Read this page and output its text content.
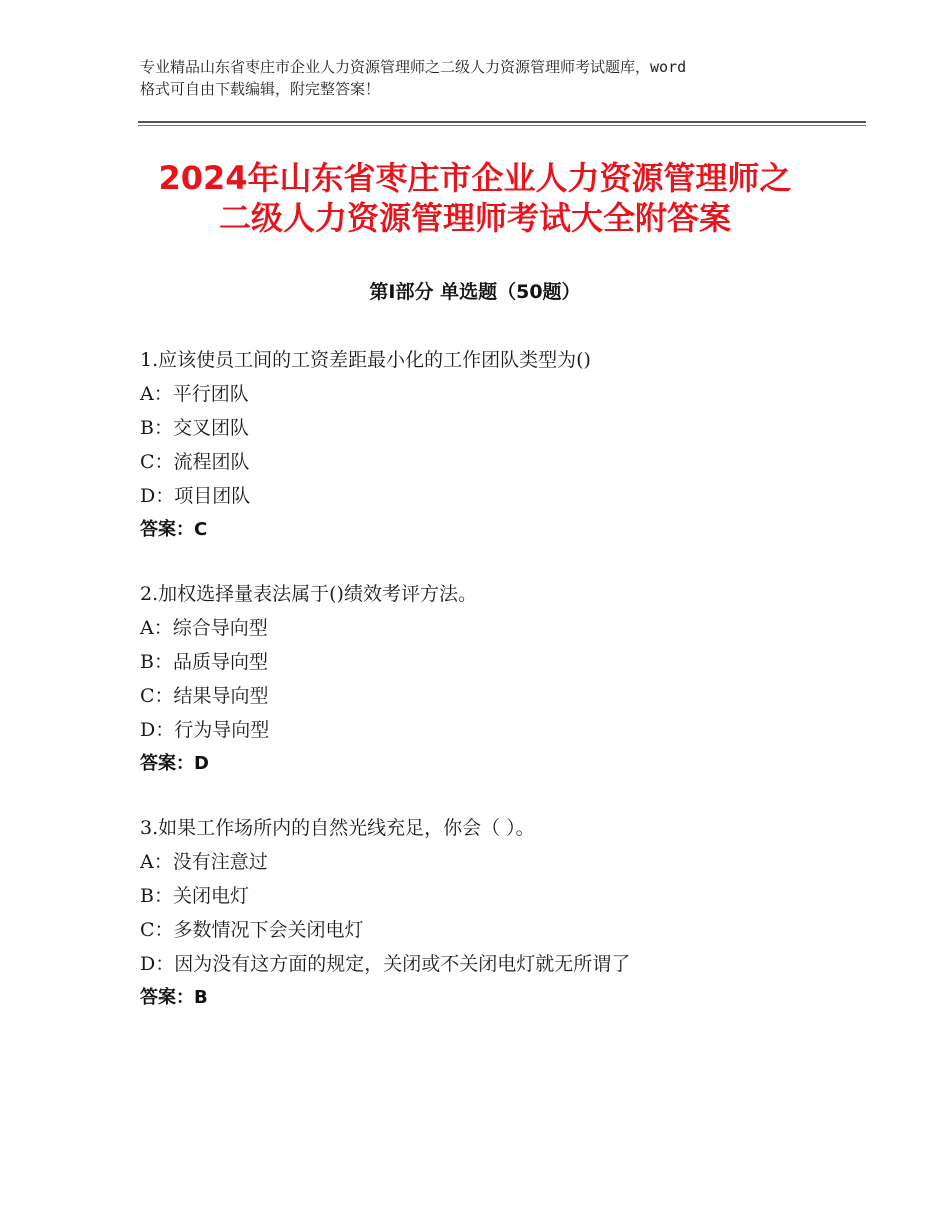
专业精品山东省枣庄市企业人力资源管理师之二级人力资源管理师考试题库，word
格式可自由下载编辑，附完整答案！
2024年山东省枣庄市企业人力资源管理师之
二级人力资源管理师考试大全附答案
第Ⅰ部分 单选题（50题）
1.应该使员工间的工资差距最小化的工作团队类型为()
A：平行团队
B：交叉团队
C：流程团队
D：项目团队
答案：C
2.加权选择量表法属于()绩效考评方法。
A：综合导向型
B：品质导向型
C：结果导向型
D：行为导向型
答案：D
3.如果工作场所内的自然光线充足，你会（ ）。
A：没有注意过
B：关闭电灯
C：多数情况下会关闭电灯
D：因为没有这方面的规定，关闭或不关闭电灯就无所谓了
答案：B
